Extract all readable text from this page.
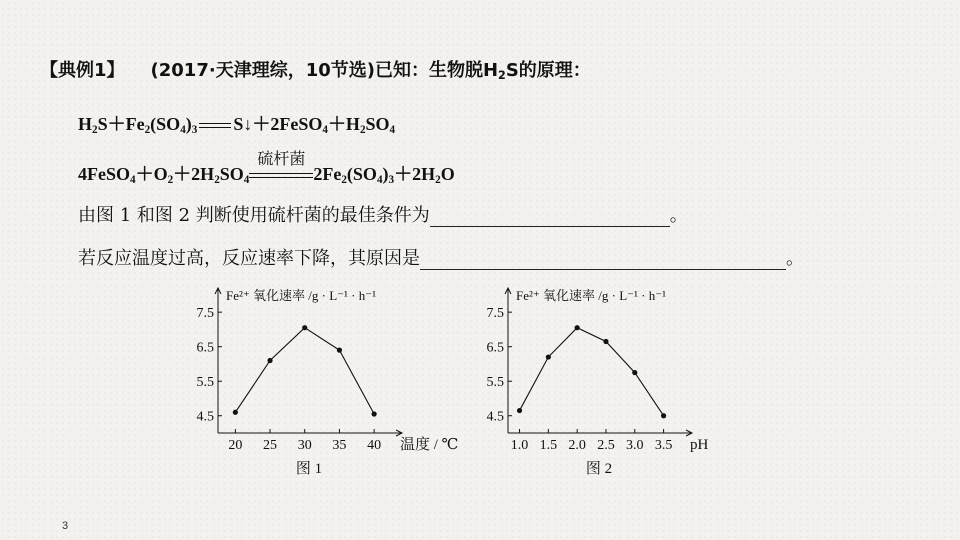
【典例1】 (2017·天津理综，10节选)已知：生物脱$H_2S$的原理：
$H_2S+Fe_2(SO_4)_3$ $S↓+2FeSO_4+H_2SO_4$
$4FeSO_4+O_2+2H_2SO_4$
硫杆菌
$2Fe_2(SO_4)_3+2H_2O$
由图 1 和图 2 判断使用硫杆菌的最佳条件为	。
若反应温度过高，反应速率下降，其原因是	。
Fe²⁺ 氧化速率 /g · L⁻¹ · h⁻¹
4.5
5.5
6.5
7.5
20 25 30 35 40 温度 / ℃
图 1
Fe²⁺ 氧化速率 /g · L⁻¹ · h⁻¹
4.5
5.5
6.5
7.5
1.0 1.5 2.0 2.5 3.0 3.5 pH
图 2
3
